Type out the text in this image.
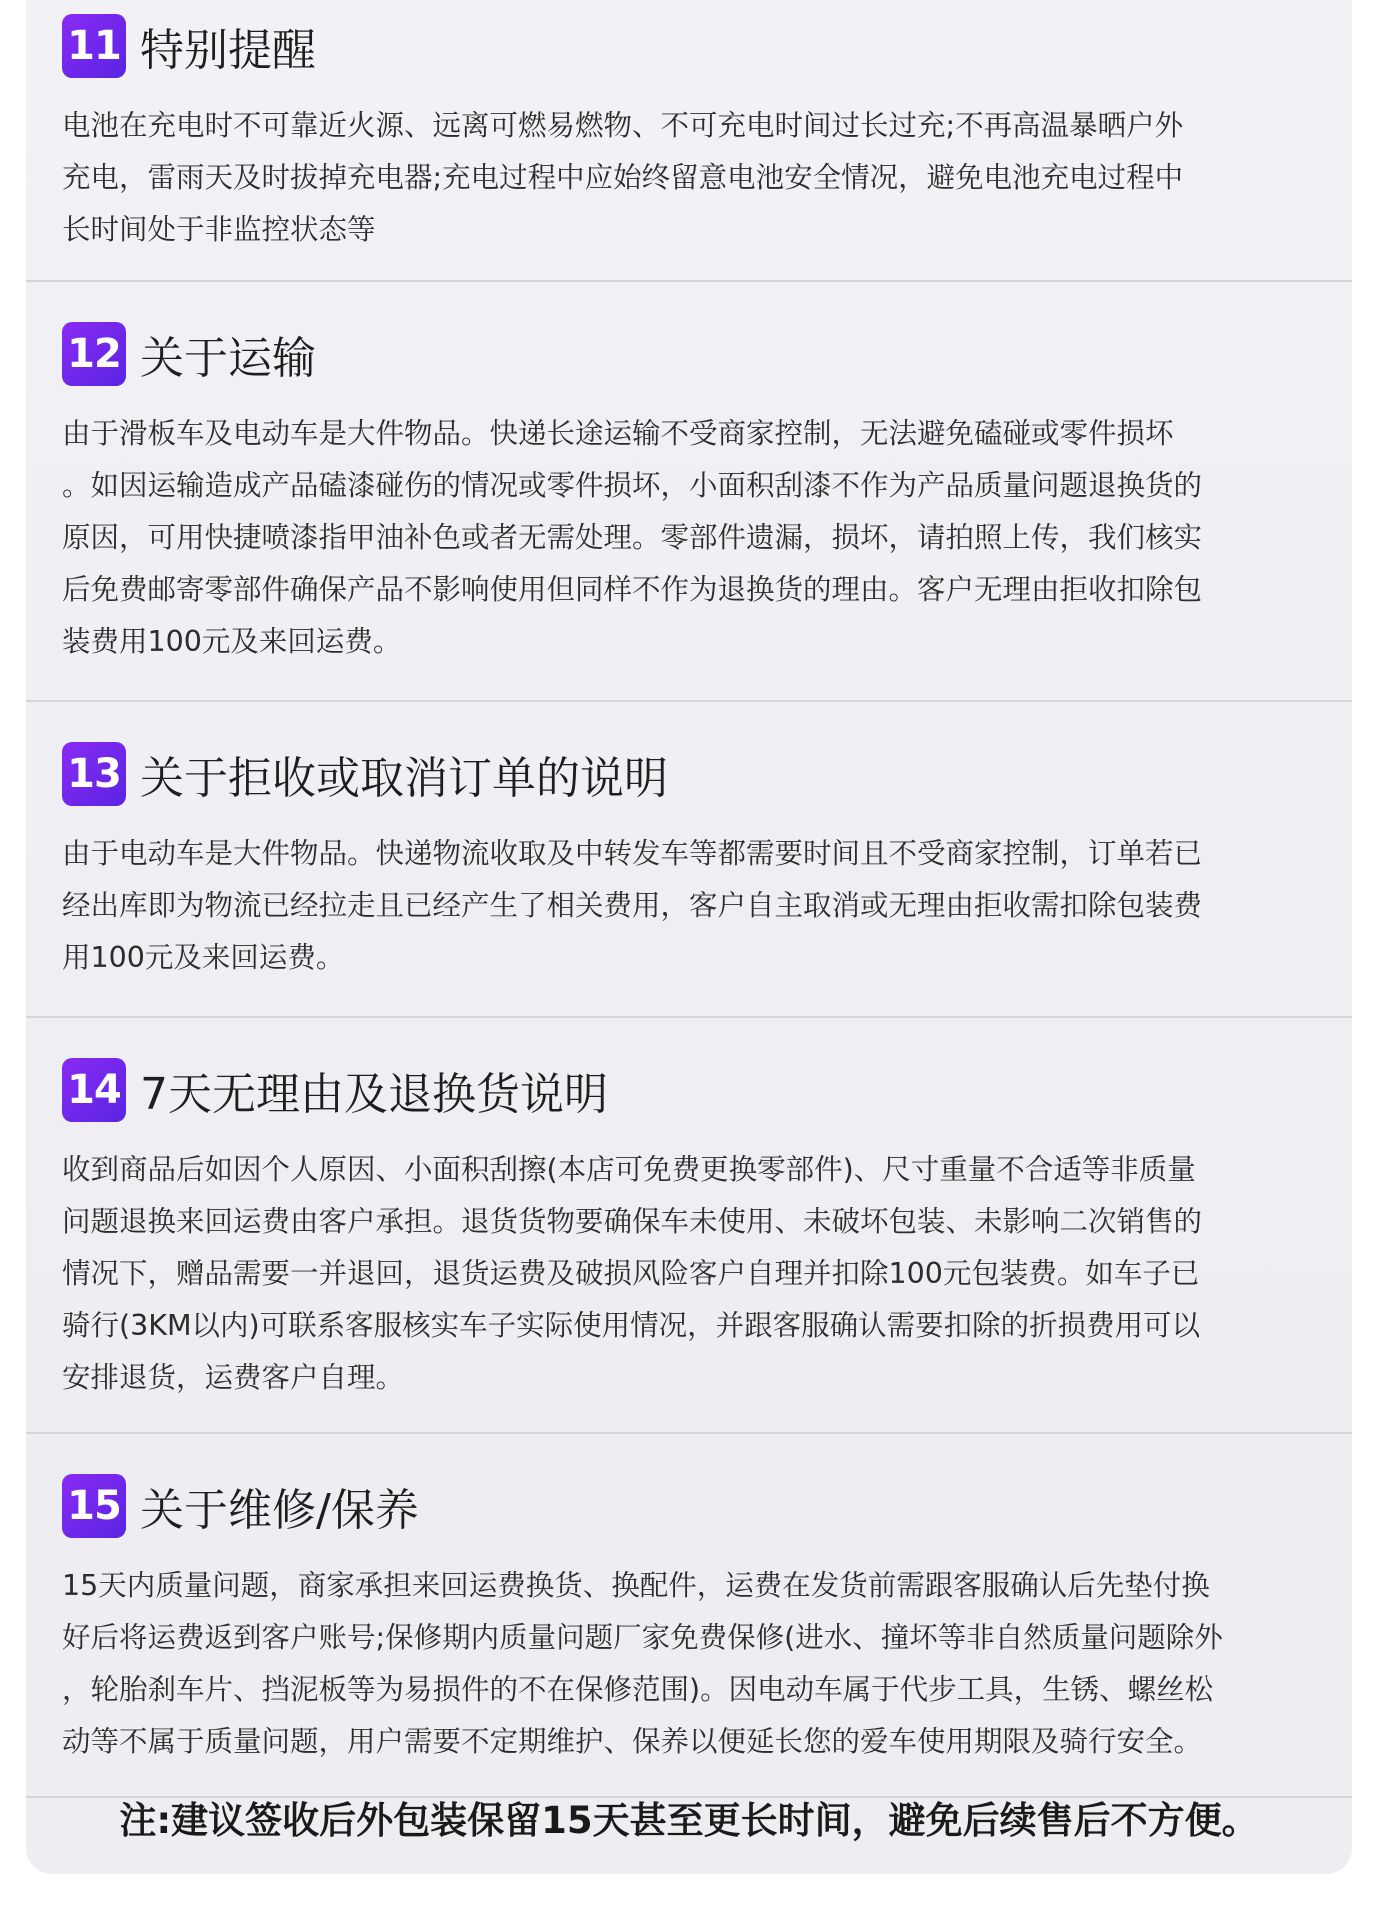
11 特别提醒

电池在充电时不可靠近火源、远离可燃易燃物、不可充电时间过长过充;不再高温暴晒户外

充电，雷雨天及时拔掉充电器;充电过程中应始终留意电池安全情况，避免电池充电过程中

长时间处于非监控状态等

12 关于运输

由于滑板车及电动车是大件物品。快递长途运输不受商家控制，无法避免磕碰或零件损坏

。如因运输造成产品磕漆碰伤的情况或零件损坏，小面积刮漆不作为产品质量问题退换货的

原因，可用快捷喷漆指甲油补色或者无需处理。零部件遗漏，损坏，请拍照上传，我们核实

后免费邮寄零部件确保产品不影响使用但同样不作为退换货的理由。客户无理由拒收扣除包

装费用100元及来回运费。

13 关于拒收或取消订单的说明

由于电动车是大件物品。快递物流收取及中转发车等都需要时间且不受商家控制，订单若已

经出库即为物流已经拉走且已经产生了相关费用，客户自主取消或无理由拒收需扣除包装费

用100元及来回运费。

14 7天无理由及退换货说明

收到商品后如因个人原因、小面积刮擦(本店可免费更换零部件)、尺寸重量不合适等非质量

问题退换来回运费由客户承担。退货货物要确保车未使用、未破坏包装、未影响二次销售的

情况下，赠品需要一并退回，退货运费及破损风险客户自理并扣除100元包装费。如车子已

骑行(3KM以内)可联系客服核实车子实际使用情况，并跟客服确认需要扣除的折损费用可以

安排退货，运费客户自理。

15 关于维修/保养

15天内质量问题，商家承担来回运费换货、换配件，运费在发货前需跟客服确认后先垫付换

好后将运费返到客户账号;保修期内质量问题厂家免费保修(进水、撞坏等非自然质量问题除外

，轮胎刹车片、挡泥板等为易损件的不在保修范围)。因电动车属于代步工具，生锈、螺丝松

动等不属于质量问题，用户需要不定期维护、保养以便延长您的爱车使用期限及骑行安全。

注:建议签收后外包装保留15天甚至更长时间，避免后续售后不方便。
